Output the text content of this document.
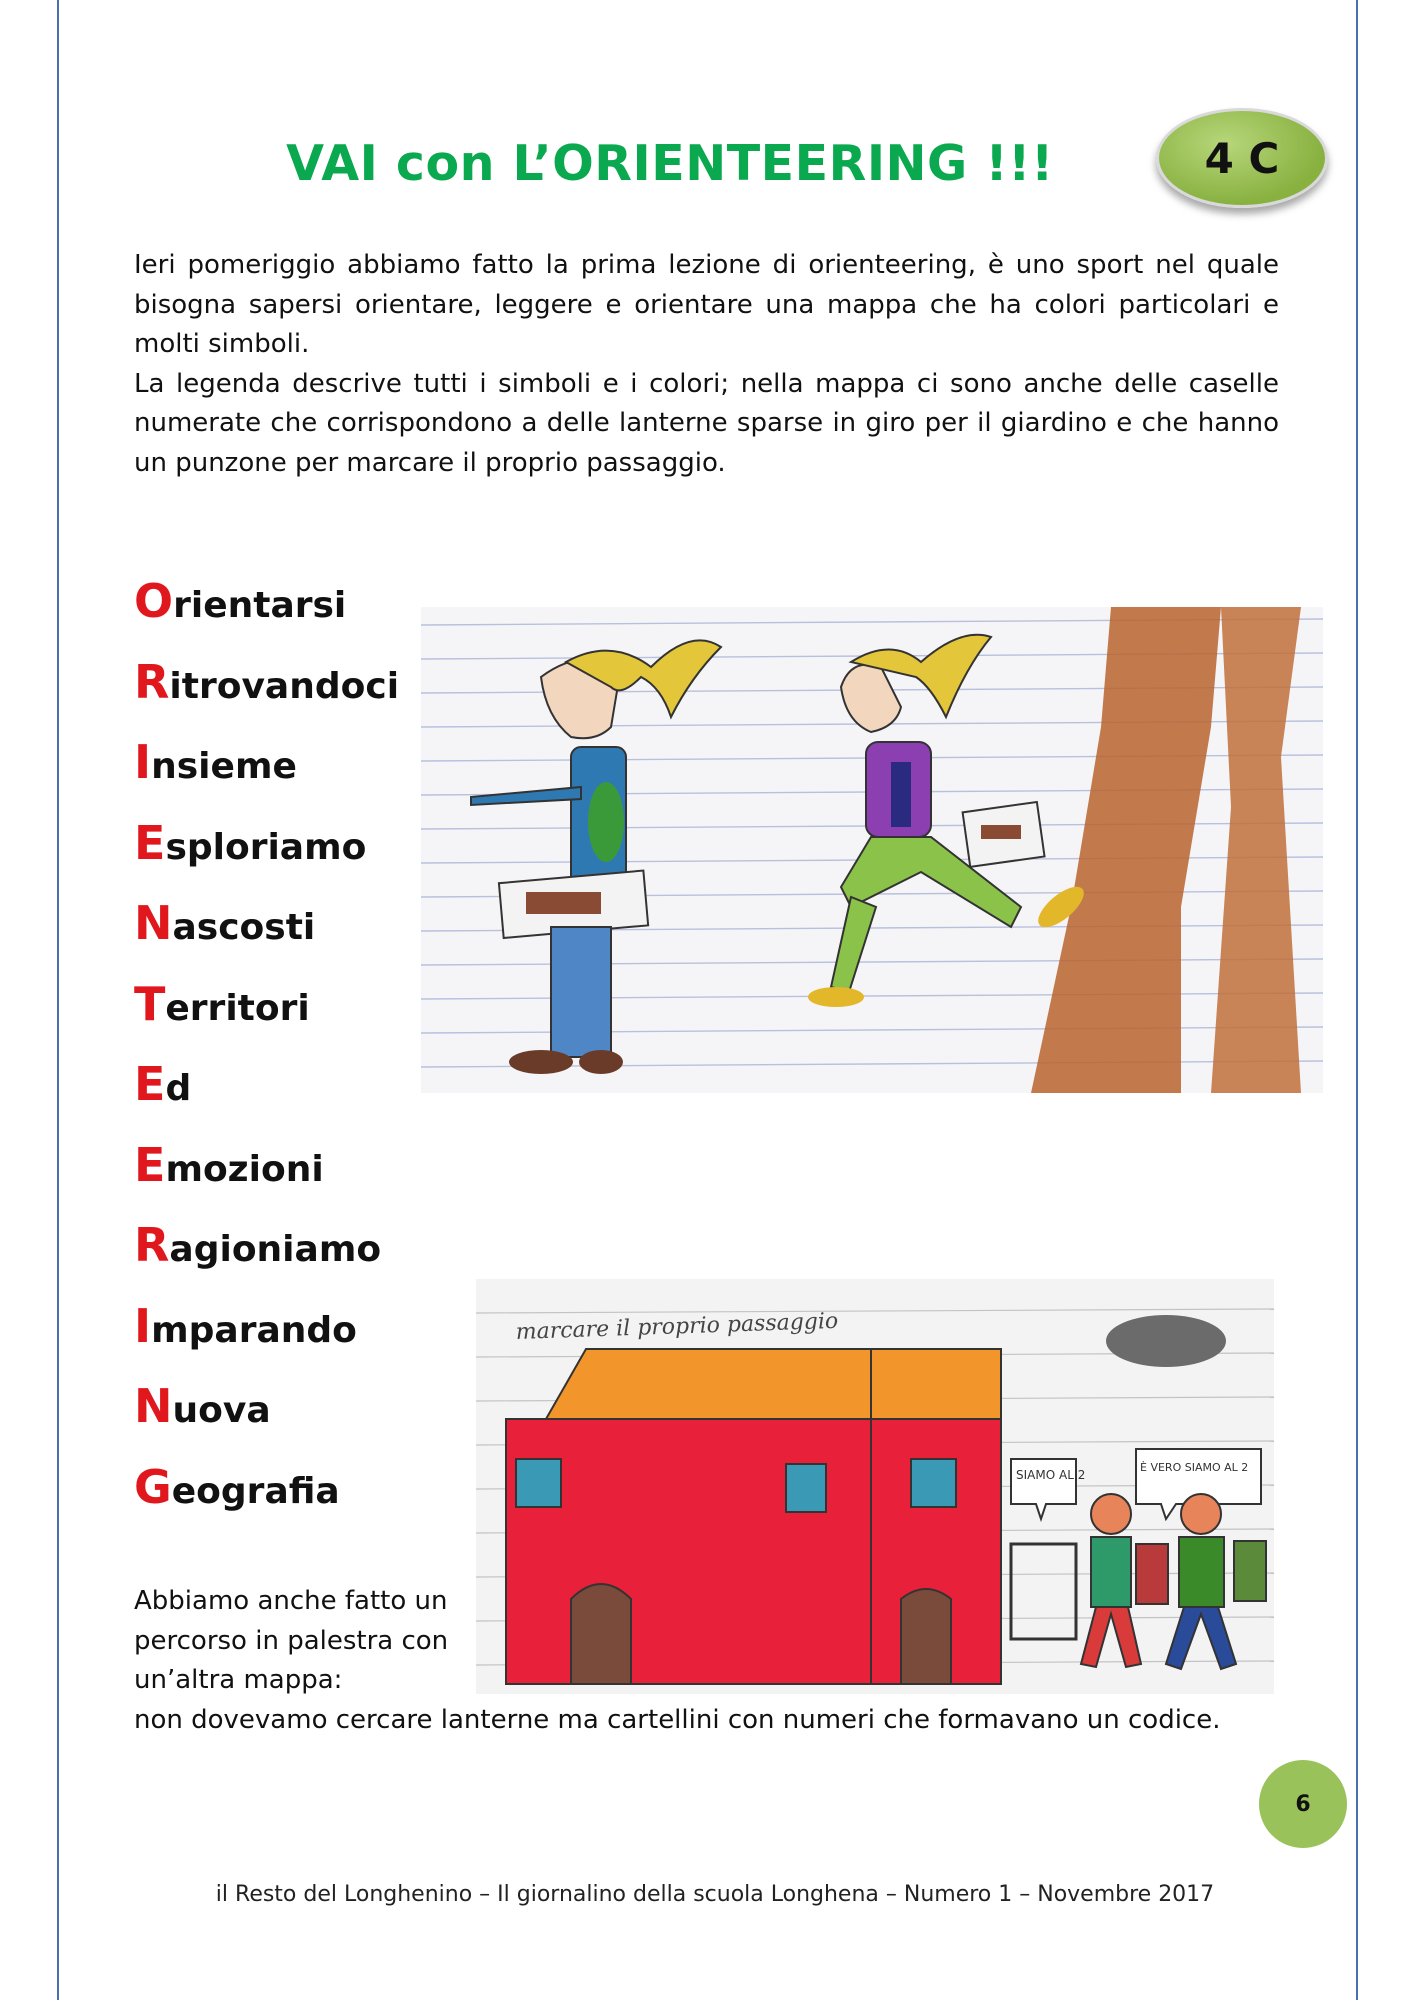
VAI con L’ORIENTEERING !!!	4 C

Ieri pomeriggio abbiamo fatto la prima lezione di orienteering, è uno sport nel quale bisogna sapersi orientare, leggere e orientare una mappa che ha colori particolari e molti simboli.

La legenda descrive tutti i simboli e i colori; nella mappa ci sono anche delle caselle numerate che corrispondono a delle lanterne sparse in giro per il giardino e che hanno un punzone per marcare il proprio passaggio.

Orientarsi
Ritrovandoci
Insieme
Esploriamo
Nascosti
Territori
Ed
Emozioni
Ragioniamo
Imparando
Nuova
Geografia
marcare il proprio passaggio
SIAMO AL 2
È VERO SIAMO AL 2
Abbiamo anche fatto un
percorso in palestra con
un’altra mappa:
non dovevamo cercare lanterne ma cartellini con numeri che formavano un codice.
6
il Resto del Longhenino – Il giornalino della scuola Longhena – Numero 1 – Novembre 2017
